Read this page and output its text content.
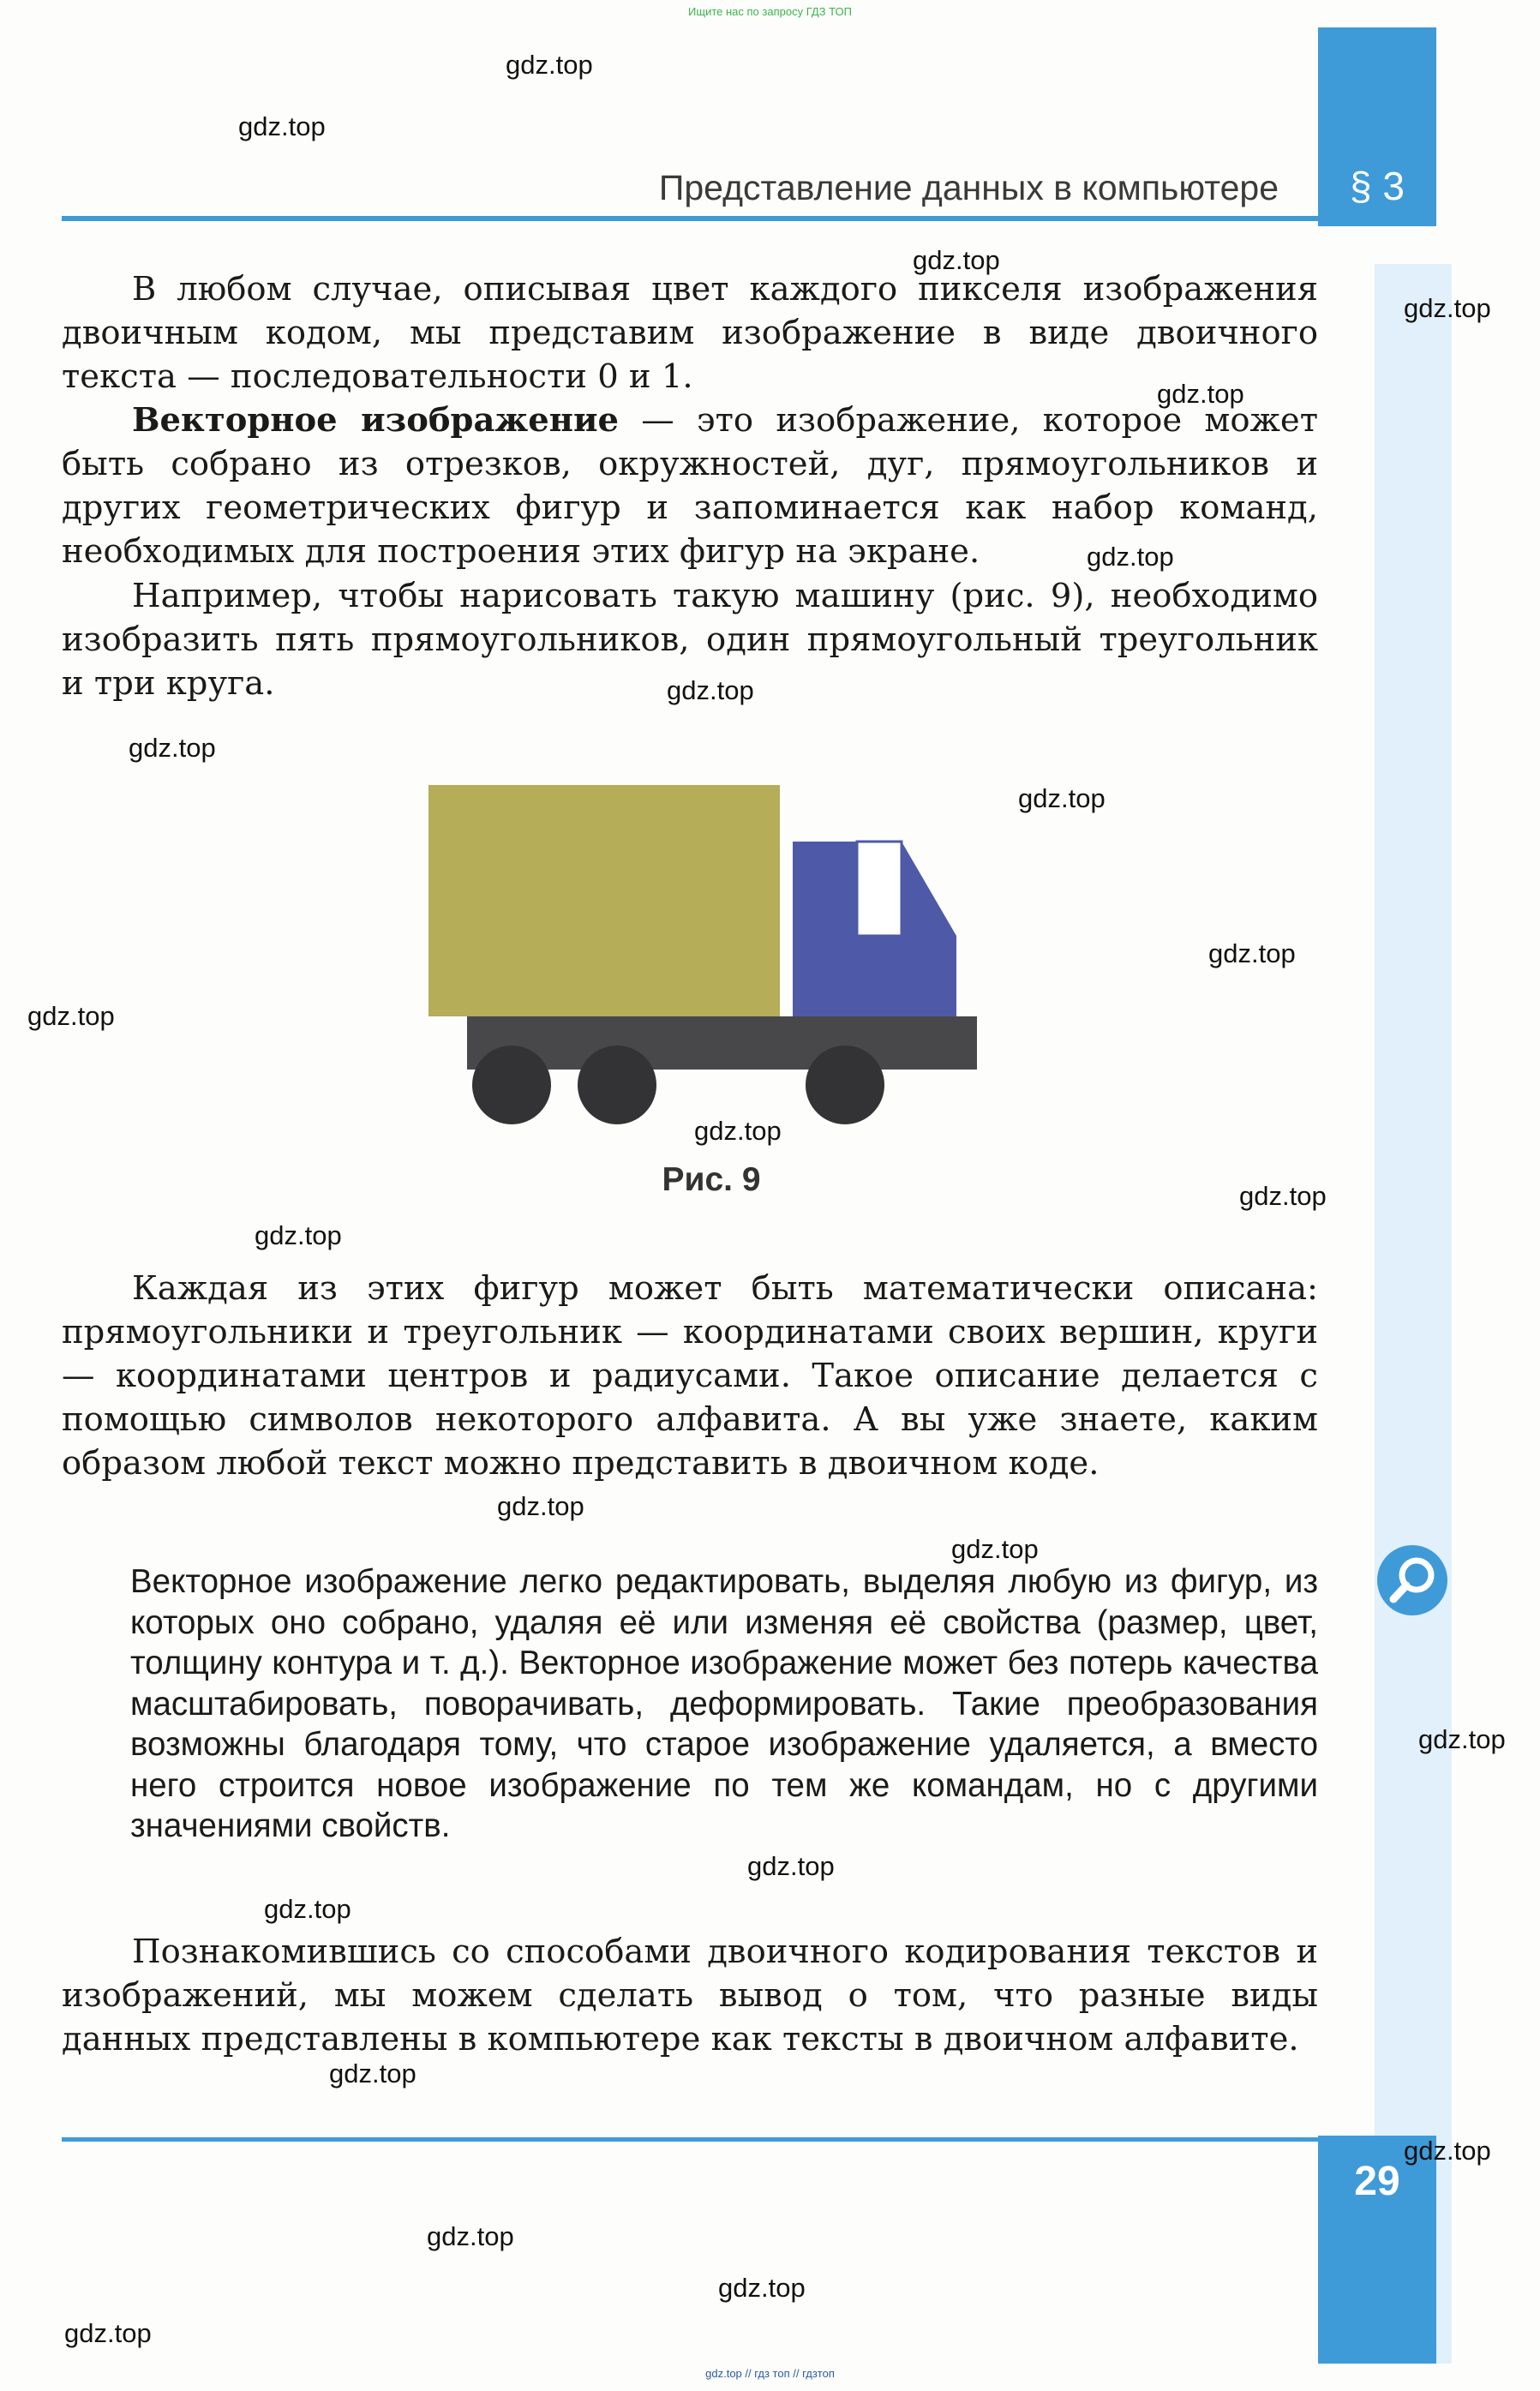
Ищите нас по запросу ГДЗ ТОП
§ 3
Представление данных в компьютере

В любом случае, описывая цвет каждого пикселя изображения двоичным кодом, мы представим изображение в виде двоичного текста — последовательности 0 и 1.

Векторное изображение — это изображение, которое может быть собрано из отрезков, окружностей, дуг, прямоугольников и других геометрических фигур и запоминается как набор команд, необходимых для построения этих фигур на экране.

Например, чтобы нарисовать такую машину (рис. 9), необходимо изобразить пять прямоугольников, один прямоугольный треугольник и три круга.

Рис. 9

Каждая из этих фигур может быть математически описана: прямоугольники и треугольник — координатами своих вершин, круги — координатами центров и радиусами. Такое описание делается с помощью символов некоторого алфавита. А вы уже знаете, каким образом любой текст можно представить в двоичном коде.

Векторное изображение легко редактировать, выделяя любую из фигур, из которых оно собрано, удаляя её или изменяя её свойства (размер, цвет, толщину контура и т. д.). Векторное изображение может без потерь качества масштабировать, поворачивать, деформировать. Такие преобразования возможны благодаря тому, что старое изображение удаляется, а вместо него строится новое изображение по тем же командам, но с другими значениями свойств.

Познакомившись со способами двоичного кодирования текстов и изображений, мы можем сделать вывод о том, что разные виды данных представлены в компьютере как тексты в двоичном алфавите.

29
gdz.top // гдз топ // гдзтоп
gdz.top
gdz.top
gdz.top
gdz.top
gdz.top
gdz.top
gdz.top
gdz.top
gdz.top
gdz.top
gdz.top
gdz.top
gdz.top
gdz.top
gdz.top
gdz.top
gdz.top
gdz.top
gdz.top
gdz.top
gdz.top
gdz.top
gdz.top
gdz.top
